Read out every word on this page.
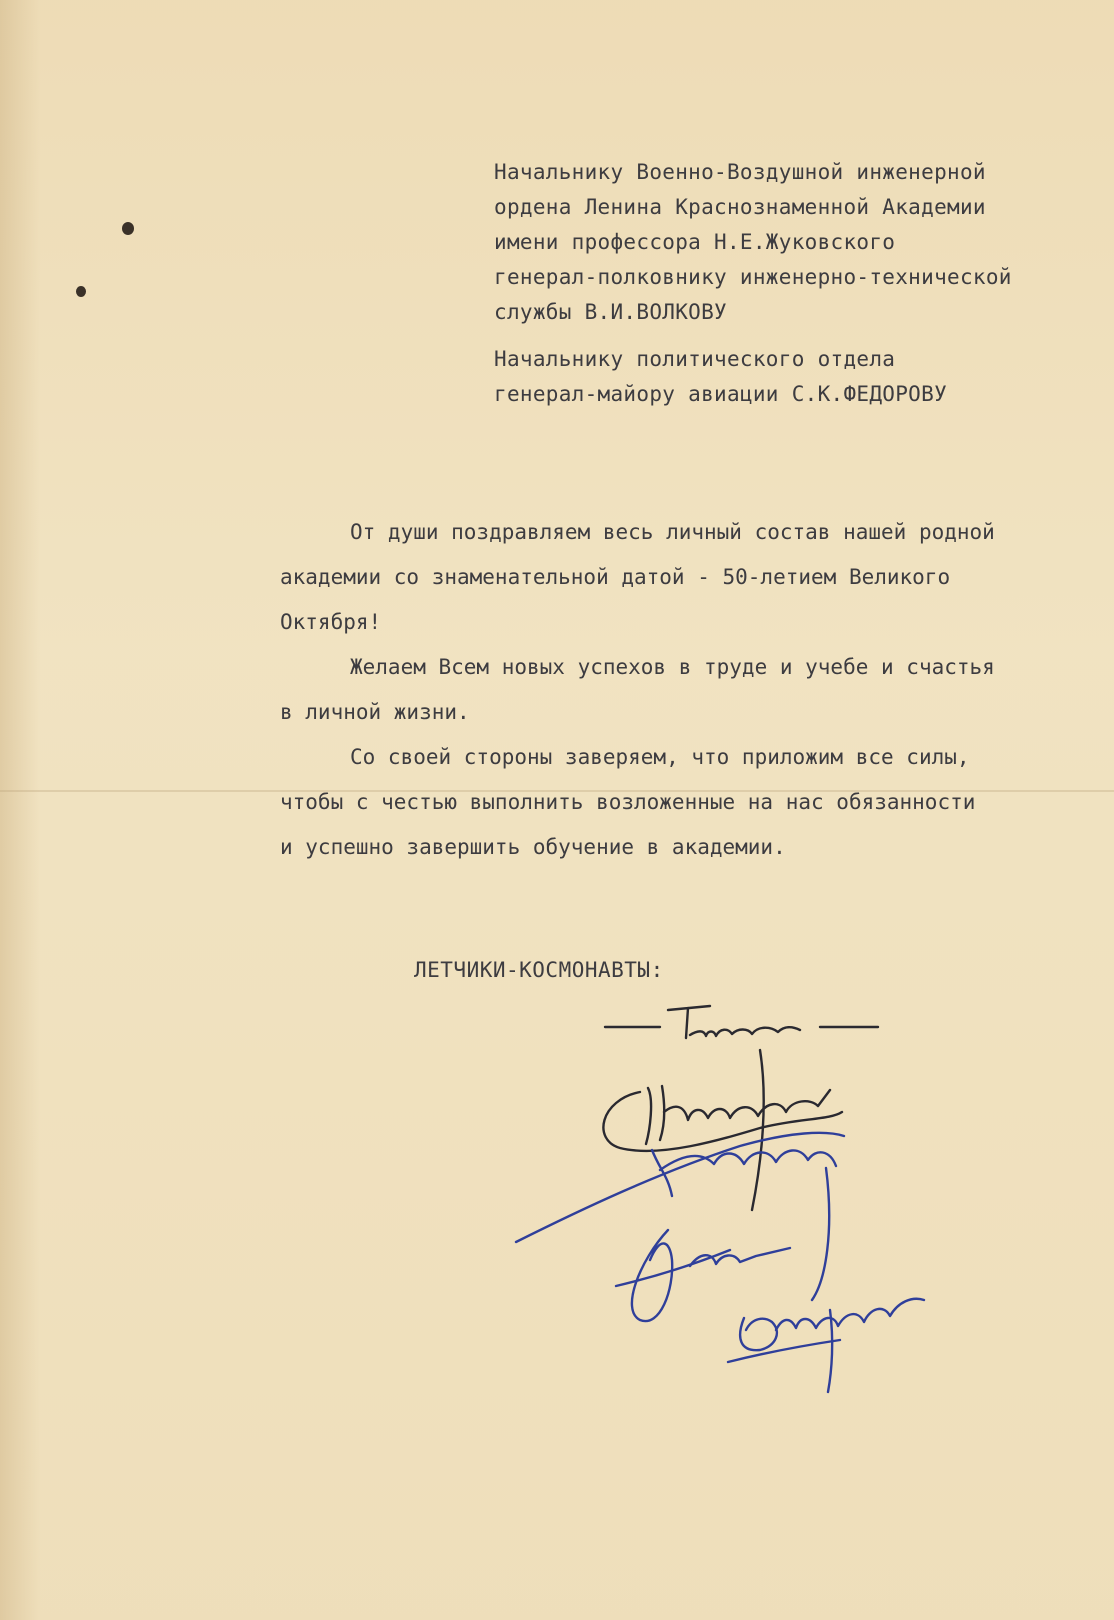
Начальнику Военно-Воздушной инженерной
ордена Ленина Краснознаменной Академии
имени профессора Н.Е.Жуковского
генерал-полковнику инженерно-технической
службы В.И.ВОЛКОВУ
Начальнику политического отдела
генерал-майору авиации С.К.ФЕДОРОВУ

От души поздравляем весь личный состав нашей родной

академии со знаменательной датой - 50-летием Великого

Октября!

Желаем Всем новых успехов в труде и учебе и счастья

в личной жизни.

Со своей стороны заверяем, что приложим все силы,

чтобы с честью выполнить возложенные на нас обязанности

и успешно завершить обучение в академии.

ЛЕТЧИКИ-КОСМОНАВТЫ:
